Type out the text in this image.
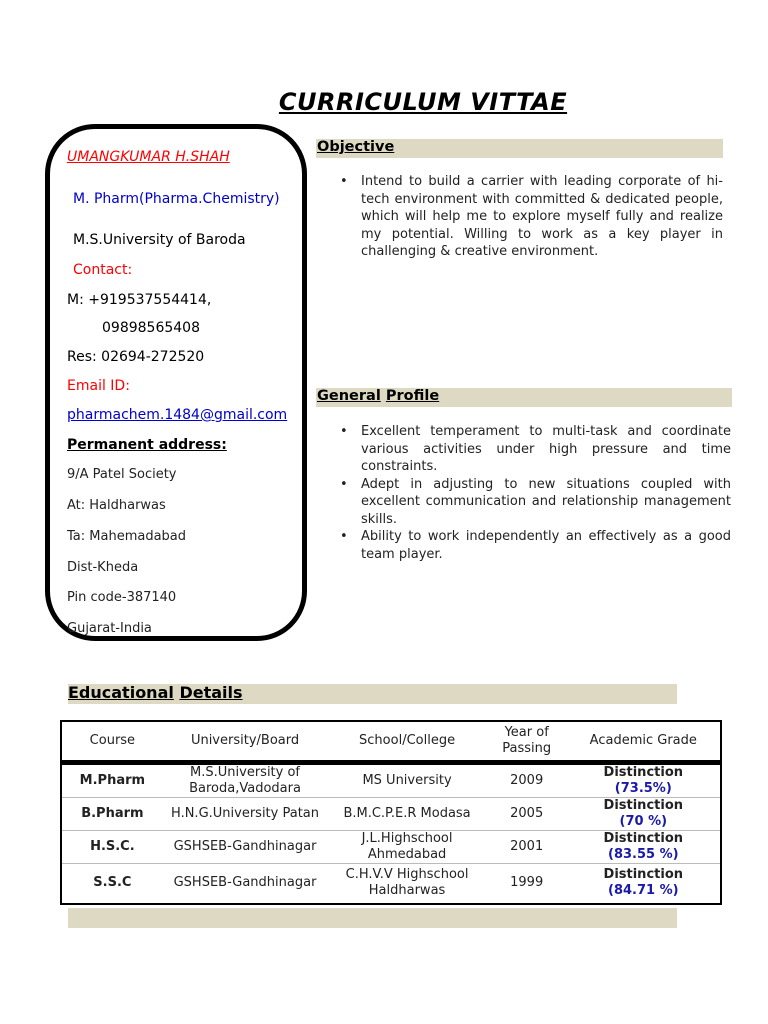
CURRICULUM VITTAE
UMANGKUMAR H.SHAH
M. Pharm(Pharma.Chemistry)
M.S.University of Baroda
Contact:
M: +919537554414,
09898565408
Res: 02694-272520
Email ID:
pharmachem.1484@gmail.com
Permanent address:
9/A Patel Society
At: Haldharwas
Ta: Mahemadabad
Dist-Kheda
Pin code-387140
Gujarat-India
Objective
• Intend to build a carrier with leading corporate of hi-tech environment with committed & dedicated people, which will help me to explore myself fully and realize my potential. Willing to work as a key player in challenging & creative environment.
General Profile
• Excellent temperament to multi-task and coordinate various activities under high pressure and time constraints.
• Adept in adjusting to new situations coupled with excellent communication and relationship management skills.
• Ability to work independently an effectively as a good team player.
Educational Details
Course	University/Board	School/College	Year of Passing	Academic Grade
M.Pharm	M.S.University of Baroda,Vadodara	MS University	2009	Distinction
(73.5%)

B.Pharm	H.N.G.University Patan	B.M.C.P.E.R Modasa	2005	Distinction
(70 %)

H.S.C.	GSHSEB-Gandhinagar	J.L.Highschool Ahmedabad	2001	Distinction
(83.55 %)

S.S.C	GSHSEB-Gandhinagar	C.H.V.V Highschool Haldharwas	1999	Distinction
(84.71 %)
